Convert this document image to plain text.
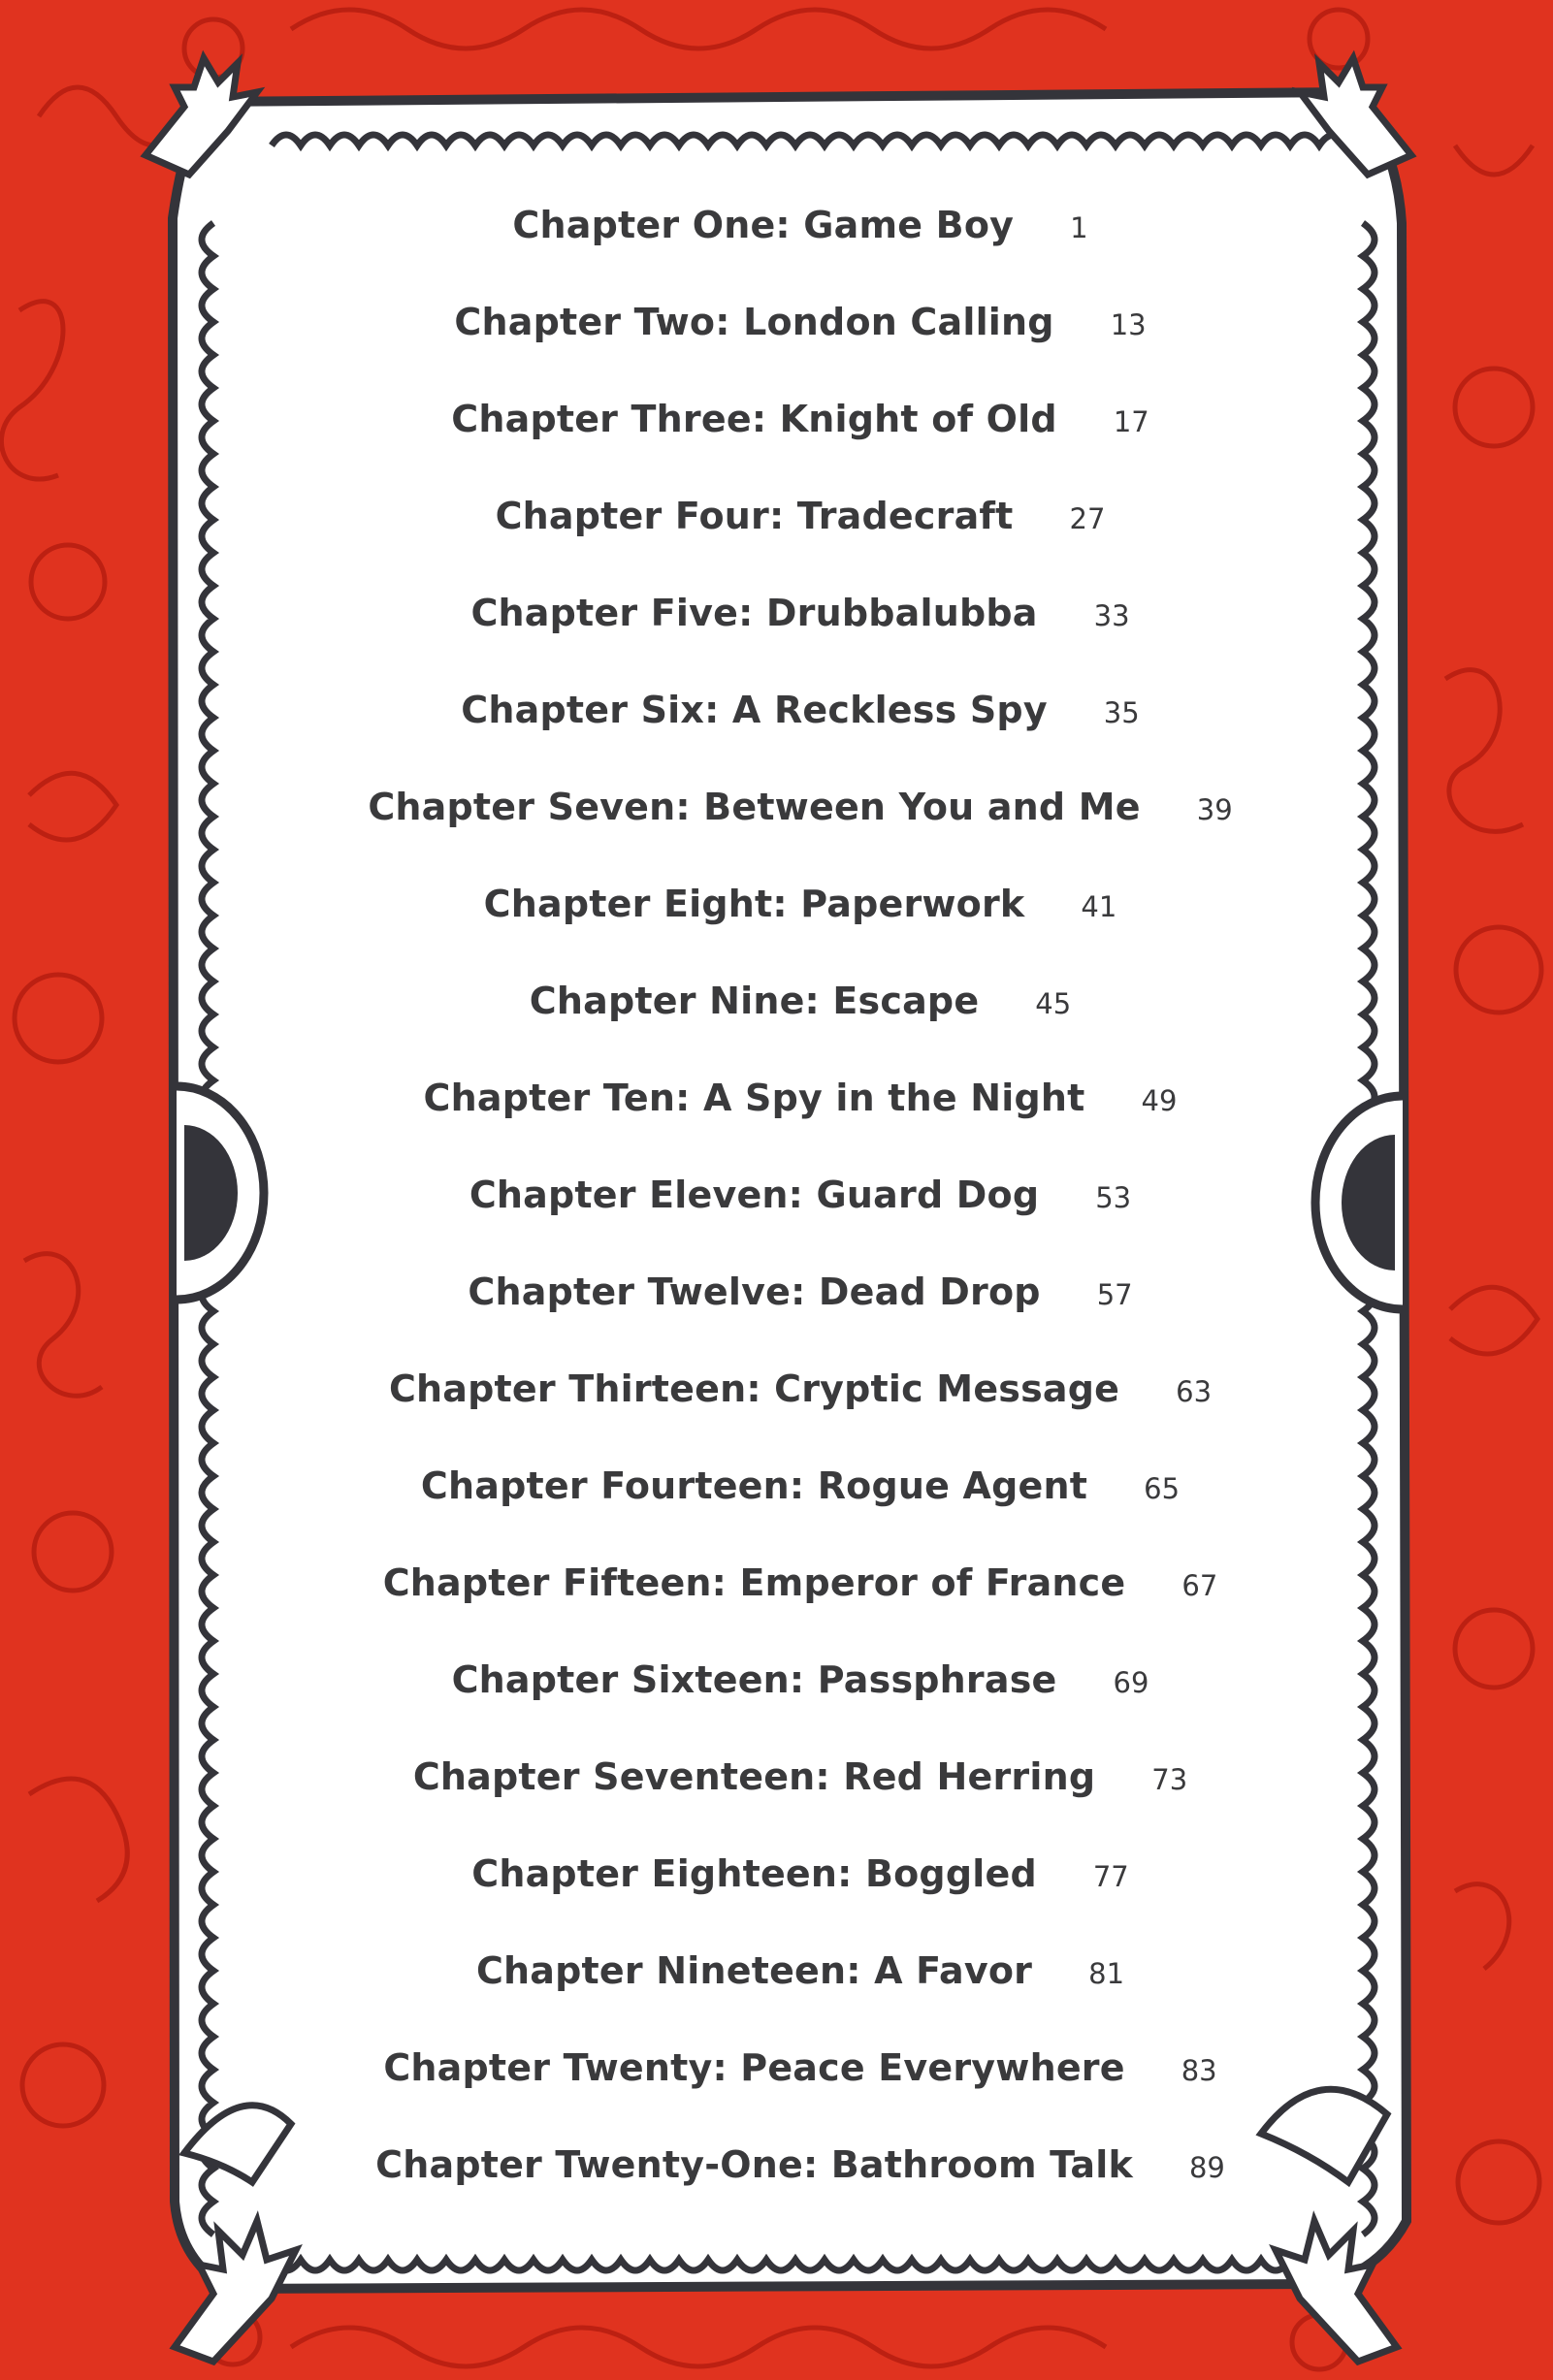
Chapter One: Game Boy 1
Chapter Two: London Calling 13
Chapter Three: Knight of Old 17
Chapter Four: Tradecraft 27
Chapter Five: Drubbalubba 33
Chapter Six: A Reckless Spy 35
Chapter Seven: Between You and Me 39
Chapter Eight: Paperwork 41
Chapter Nine: Escape 45
Chapter Ten: A Spy in the Night 49
Chapter Eleven: Guard Dog 53
Chapter Twelve: Dead Drop 57
Chapter Thirteen: Cryptic Message 63
Chapter Fourteen: Rogue Agent 65
Chapter Fifteen: Emperor of France 67
Chapter Sixteen: Passphrase 69
Chapter Seventeen: Red Herring 73
Chapter Eighteen: Boggled 77
Chapter Nineteen: A Favor 81
Chapter Twenty: Peace Everywhere 83
Chapter Twenty-One: Bathroom Talk 89
